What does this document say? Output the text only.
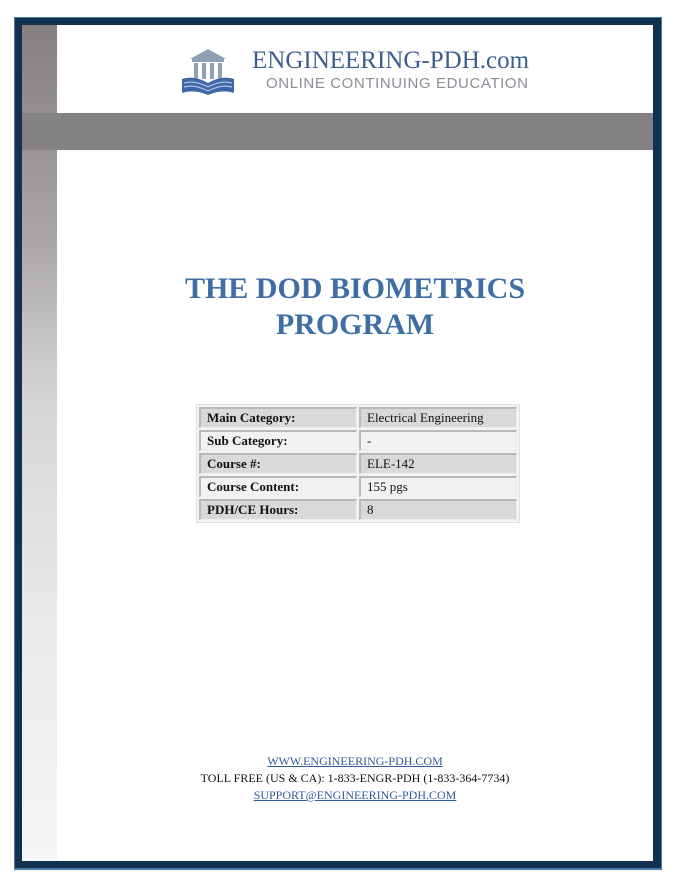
ENGINEERING-PDH.com
ONLINE CONTINUING EDUCATION
THE DOD BIOMETRICS
PROGRAM
Main Category:	Electrical Engineering
Sub Category:	-
Course #:	ELE-142
Course Content:	155 pgs
PDH/CE Hours:	8
WWW.ENGINEERING-PDH.COM
TOLL FREE (US & CA): 1-833-ENGR-PDH (1-833-364-7734)
SUPPORT@ENGINEERING-PDH.COM
